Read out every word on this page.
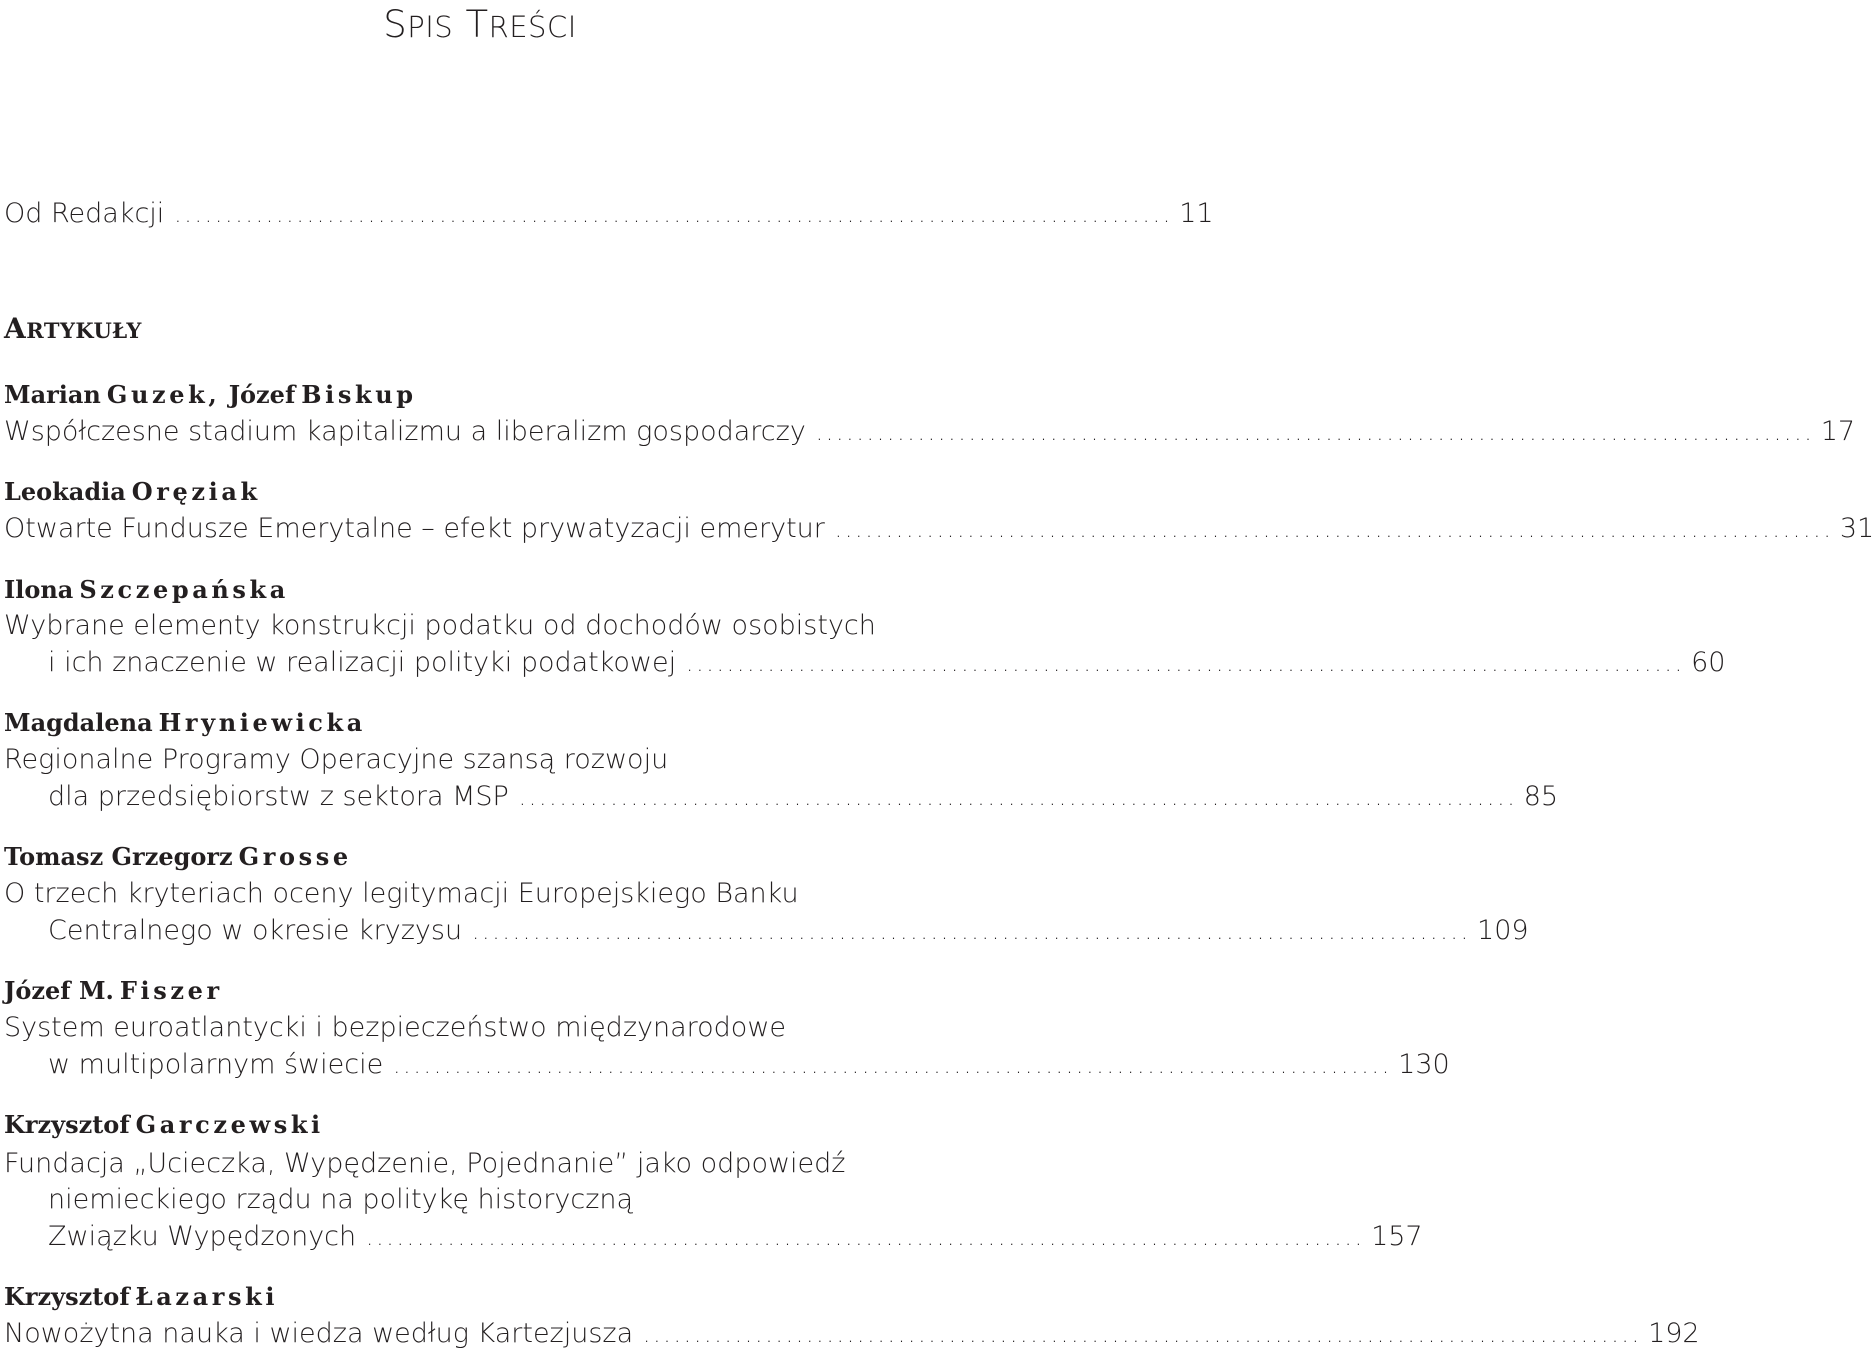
SPIS TREŚCI
Od Redakcji .................................................................................................. 11
ARTYKUŁY
Marian Guzek, Józef Biskup
Współczesne stadium kapitalizmu a liberalizm gospodarczy .................................................................................................. 17
Leokadia Oręziak
Otwarte Fundusze Emerytalne – efekt prywatyzacji emerytur .................................................................................................. 31
Ilona Szczepańska
Wybrane elementy konstrukcji podatku od dochodów osobistych
i ich znaczenie w realizacji polityki podatkowej .................................................................................................. 60
Magdalena Hryniewicka
Regionalne Programy Operacyjne szansą rozwoju
dla przedsiębiorstw z sektora MSP .................................................................................................. 85
Tomasz Grzegorz Grosse
O trzech kryteriach oceny legitymacji Europejskiego Banku
Centralnego w okresie kryzysu .................................................................................................. 109
Józef M. Fiszer
System euroatlantycki i bezpieczeństwo międzynarodowe
w multipolarnym świecie .................................................................................................. 130
Krzysztof Garczewski
Fundacja „Ucieczka, Wypędzenie, Pojednanie” jako odpowiedź
niemieckiego rządu na politykę historyczną
Związku Wypędzonych .................................................................................................. 157
Krzysztof Łazarski
Nowożytna nauka i wiedza według Kartezjusza .................................................................................................. 192
